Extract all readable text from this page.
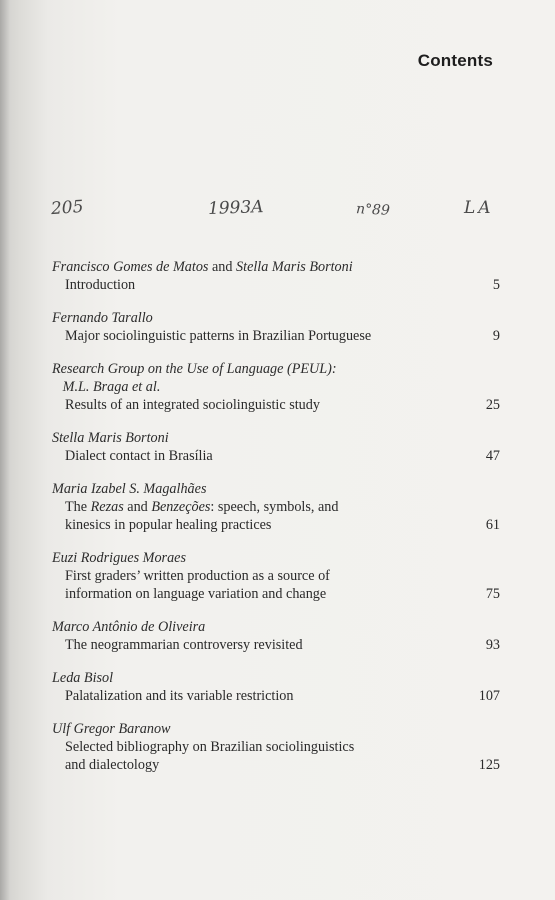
Contents
205	1993A	n°89	LA
Francisco Gomes de Matos and Stella Maris Bortoni
Introduction	5
Fernando Tarallo
Major sociolinguistic patterns in Brazilian Portuguese	9
Research Group on the Use of Language (PEUL):
M.L. Braga et al.
Results of an integrated sociolinguistic study	25
Stella Maris Bortoni
Dialect contact in Brasília	47
Maria Izabel S. Magalhães
The Rezas and Benzeções: speech, symbols, and
kinesics in popular healing practices	61
Euzi Rodrigues Moraes
First graders’ written production as a source of
information on language variation and change	75
Marco Antônio de Oliveira
The neogrammarian controversy revisited	93
Leda Bisol
Palatalization and its variable restriction	107
Ulf Gregor Baranow
Selected bibliography on Brazilian sociolinguistics
and dialectology	125
